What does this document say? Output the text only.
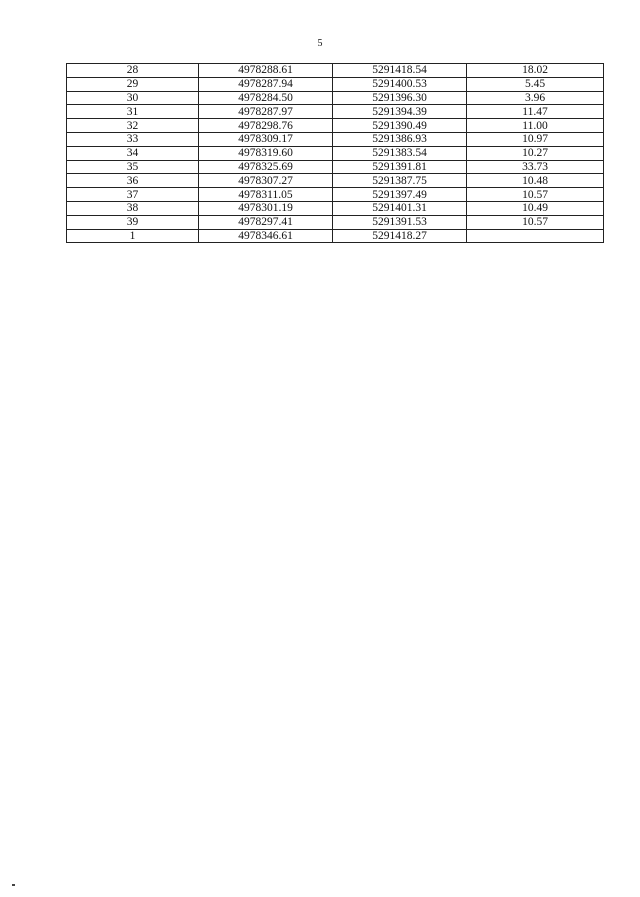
5
28	4978288.61	5291418.54	18.02
29	4978287.94	5291400.53	5.45
30	4978284.50	5291396.30	3.96
31	4978287.97	5291394.39	11.47
32	4978298.76	5291390.49	11.00
33	4978309.17	5291386.93	10.97
34	4978319.60	5291383.54	10.27
35	4978325.69	5291391.81	33.73
36	4978307.27	5291387.75	10.48
37	4978311.05	5291397.49	10.57
38	4978301.19	5291401.31	10.49
39	4978297.41	5291391.53	10.57
1	4978346.61	5291418.27	
